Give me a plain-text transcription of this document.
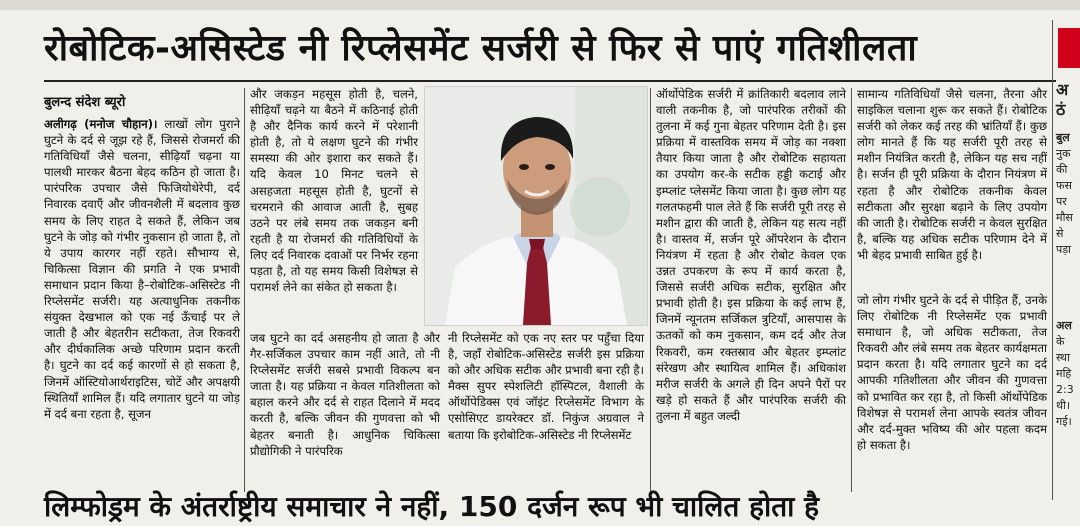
रोबोटिक-असिस्टेड नी रिप्लेसमेंट सर्जरी से फिर से पाएं गतिशीलता
बुलन्द संदेश ब्यूरो
अलीगढ़ (मनोज चौहान)। लाखों लोग पुराने घुटने के दर्द से जूझ रहे हैं, जिससे रोजमर्रा की गतिविधियाँ जैसे चलना, सीढ़ियाँ चढ़ना या पालथी मारकर बैठना बेहद कठिन हो जाता है। पारंपरिक उपचार जैसे फिजियोथेरेपी, दर्द निवारक दवाएँ और जीवनशैली में बदलाव कुछ समय के लिए राहत दे सकते हैं, लेकिन जब घुटने के जोड़ को गंभीर नुकसान हो जाता है, तो ये उपाय कारगर नहीं रहते। सौभाग्य से, चिकित्सा विज्ञान की प्रगति ने एक प्रभावी समाधान प्रदान किया है–रोबोटिक-असिस्टेड नी रिप्लेसमेंट सर्जरी। यह अत्याधुनिक तकनीक संयुक्त देखभाल को एक नई ऊँचाई पर ले जाती है और बेहतरीन सटीकता, तेज रिकवरी और दीर्घकालिक अच्छे परिणाम प्रदान करती है। घुटने का दर्द कई कारणों से हो सकता है, जिनमें ऑस्टियोआर्थराइटिस, चोटें और अपक्षयी स्थितियाँ शामिल हैं। यदि लगातार घुटने या जोड़ में दर्द बना रहता है, सूजन
और जकड़न महसूस होती है, चलने, सीढ़ियाँ चढ़ने या बैठने में कठिनाई होती है और दैनिक कार्य करने में परेशानी होती है, तो ये लक्षण घुटने की गंभीर समस्या की ओर इशारा कर सकते हैं। यदि केवल 10 मिनट चलने से असहजता महसूस होती है, घुटनों से चरमराने की आवाज आती है, सुबह उठने पर लंबे समय तक जकड़न बनी रहती है या रोजमर्रा की गतिविधियों के लिए दर्द निवारक दवाओं पर निर्भर रहना पड़ता है, तो यह समय किसी विशेषज्ञ से परामर्श लेने का संकेत हो सकता है।
जब घुटने का दर्द असहनीय हो जाता है और गैर-सर्जिकल उपचार काम नहीं आते, तो नी रिप्लेसमेंट सर्जरी सबसे प्रभावी विकल्प बन जाता है। यह प्रक्रिया न केवल गतिशीलता को बहाल करने और दर्द से राहत दिलाने में मदद करती है, बल्कि जीवन की गुणवत्ता को भी बेहतर बनाती है। आधुनिक चिकित्सा प्रौद्योगिकी ने पारंपरिक
नी रिप्लेसमेंट को एक नए स्तर पर पहुँचा दिया है, जहाँ रोबोटिक-असिस्टेड सर्जरी इस प्रक्रिया को और अधिक सटीक और प्रभावी बना रही है।मैक्स सुपर स्पेशलिटी हॉस्पिटल, वैशाली के ऑर्थोपेडिक्स एवं जॉइंट रिप्लेसमेंट विभाग के एसोसिएट डायरेक्टर डॉ. निकुंज अग्रवाल ने बताया कि इरोबोटिक-असिस्टेड नी रिप्लेसमेंट
ऑर्थोपेडिक सर्जरी में क्रांतिकारी बदलाव लाने वाली तकनीक है, जो पारंपरिक तरीकों की तुलना में कई गुना बेहतर परिणाम देती है। इस प्रक्रिया में वास्तविक समय में जोड़ का नक्शा तैयार किया जाता है और रोबोटिक सहायता का उपयोग कर-के सटीक हड्डी कटाई और इम्प्लांट प्लेसमेंट किया जाता है। कुछ लोग यह गलतफहमी पाल लेते हैं कि सर्जरी पूरी तरह से मशीन द्वारा की जाती है, लेकिन यह सत्य नहीं है। वास्तव में, सर्जन पूरे ऑपरेशन के दौरान नियंत्रण में रहता है और रोबोट केवल एक उन्नत उपकरण के रूप में कार्य करता है, जिससे सर्जरी अधिक सटीक, सुरक्षित और प्रभावी होती है। इस प्रक्रिया के कई लाभ हैं, जिनमें न्यूनतम सर्जिकल त्रुटियाँ, आसपास के ऊतकों को कम नुकसान, कम दर्द और तेज रिकवरी, कम रक्तस्राव और बेहतर इम्प्लांट संरेखण और स्थायित्व शामिल हैं। अधिकांश मरीज सर्जरी के अगले ही दिन अपने पैरों पर खड़े हो सकते हैं और पारंपरिक सर्जरी की तुलना में बहुत जल्दी
सामान्य गतिविधियाँ जैसे चलना, तैरना और साइकिल चलाना शुरू कर सकते हैं। रोबोटिक सर्जरी को लेकर कई तरह की भ्रांतियाँ हैं। कुछ लोग मानते हैं कि यह सर्जरी पूरी तरह से मशीन नियंत्रित करती है, लेकिन यह सच नहीं है। सर्जन ही पूरी प्रक्रिया के दौरान नियंत्रण में रहता है और रोबोटिक तकनीक केवल सटीकता और सुरक्षा बढ़ाने के लिए उपयोग की जाती है। रोबोटिक सर्जरी न केवल सुरक्षित है, बल्कि यह अधिक सटीक परिणाम देने में भी बेहद प्रभावी साबित हुई है।
जो लोग गंभीर घुटने के दर्द से पीड़ित हैं, उनके लिए रोबोटिक नी रिप्लेसमेंट एक प्रभावी समाधान है, जो अधिक सटीकता, तेज रिकवरी और लंबे समय तक बेहतर कार्यक्षमता प्रदान करता है। यदि लगातार घुटने का दर्द आपकी गतिशीलता और जीवन की गुणवत्ता को प्रभावित कर रहा है, तो किसी ऑर्थोपेडिक विशेषज्ञ से परामर्श लेना आपके स्वतंत्र जीवन और दर्द-मुक्त भविष्य की ओर पहला कदम हो सकता है।
अ
ठं
बुल
नुक
की
फस
पर
मौस
से
पड़ा
अल
के
स्था
महि
2:3
थी।
गई।
लिम्फोड्रम के अंतर्राष्ट्रीय समाचार ने नहीं, 150 दर्जन रूप भी चालित होता है
